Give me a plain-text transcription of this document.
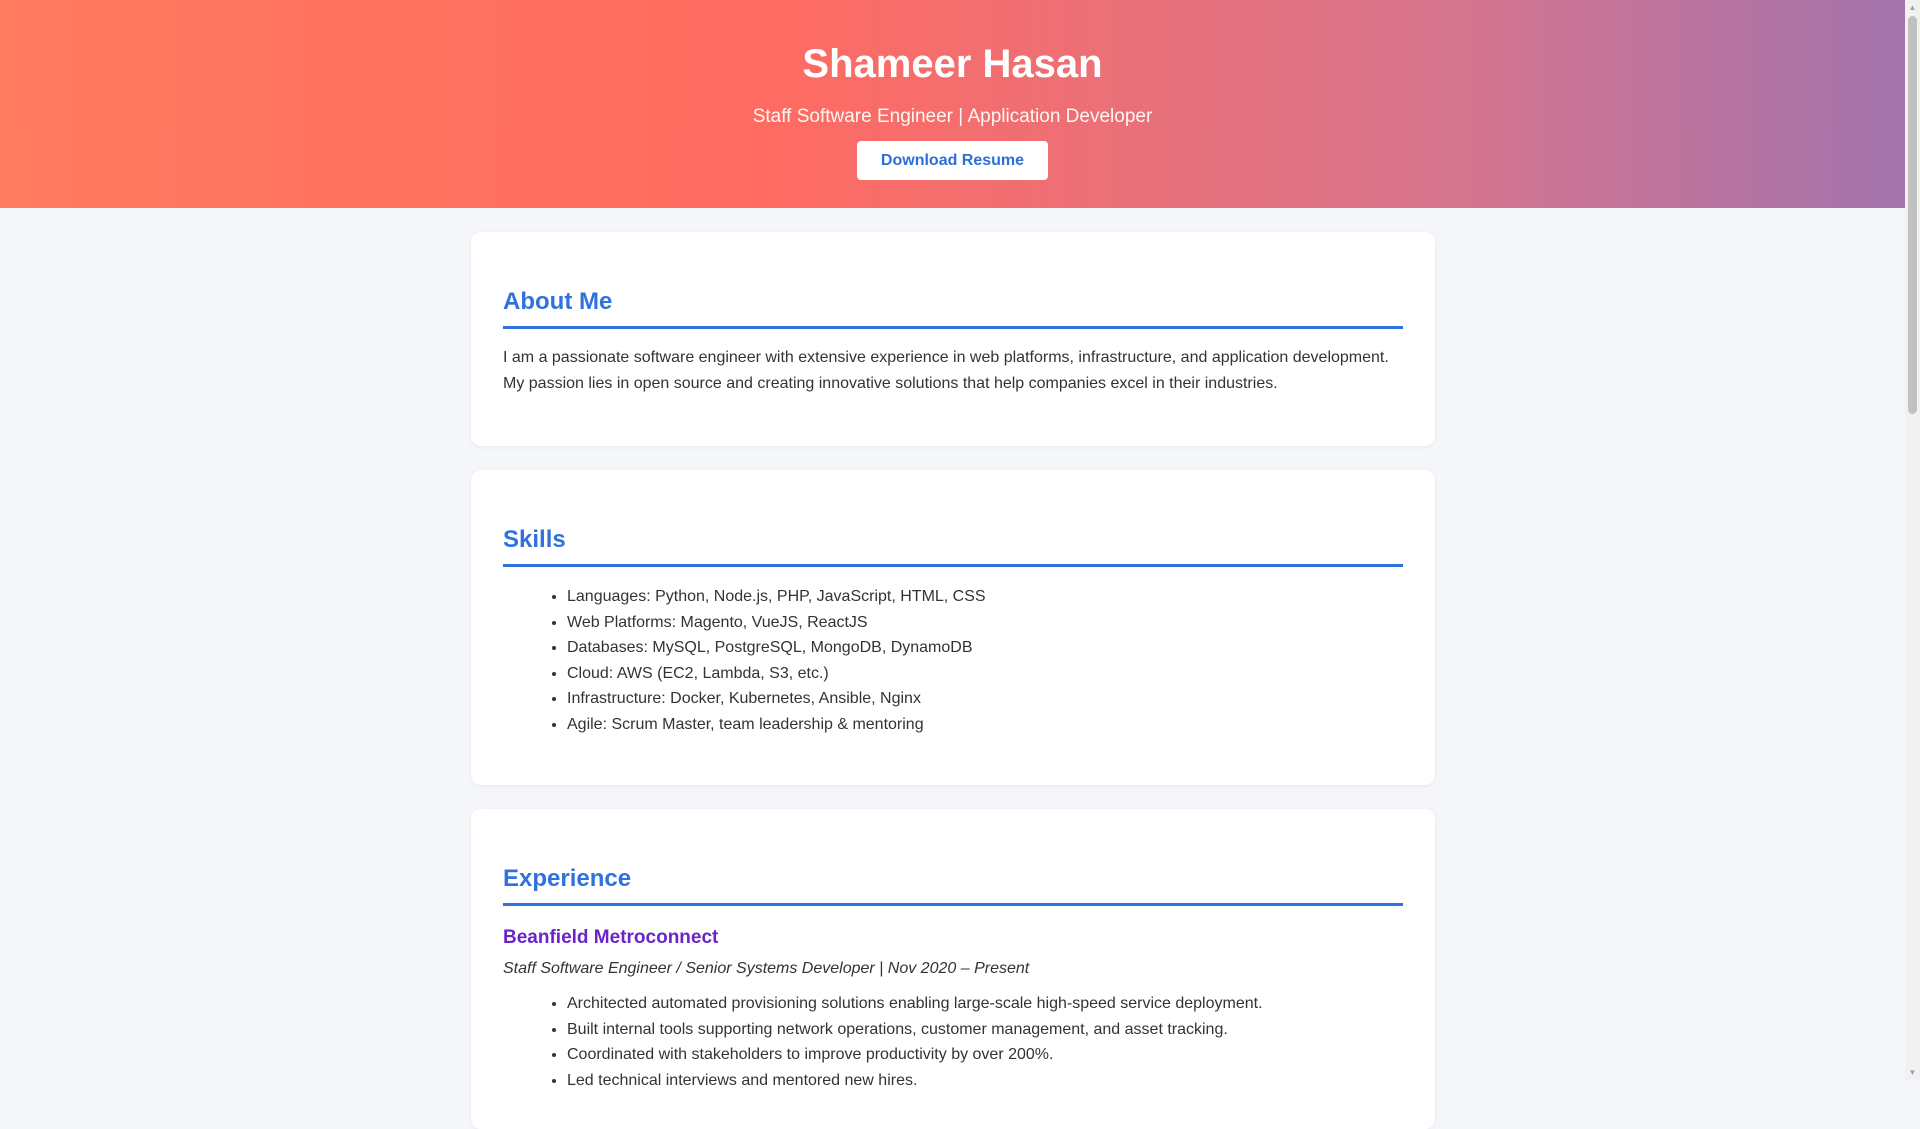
Shameer Hasan
Staff Software Engineer | Application Developer
Download Resume
About Me

I am a passionate software engineer with extensive experience in web platforms, infrastructure, and application development. My passion lies in open source and creating innovative solutions that help companies excel in their industries.

Skills
• Languages: Python, Node.js, PHP, JavaScript, HTML, CSS
• Web Platforms: Magento, VueJS, ReactJS
• Databases: MySQL, PostgreSQL, MongoDB, DynamoDB
• Cloud: AWS (EC2, Lambda, S3, etc.)
• Infrastructure: Docker, Kubernetes, Ansible, Nginx
• Agile: Scrum Master, team leadership & mentoring
Experience
Beanfield Metroconnect
Staff Software Engineer / Senior Systems Developer | Nov 2020 – Present
• Architected automated provisioning solutions enabling large-scale high-speed service deployment.
• Built internal tools supporting network operations, customer management, and asset tracking.
• Coordinated with stakeholders to improve productivity by over 200%.
• Led technical interviews and mentored new hires.
▲
▼
